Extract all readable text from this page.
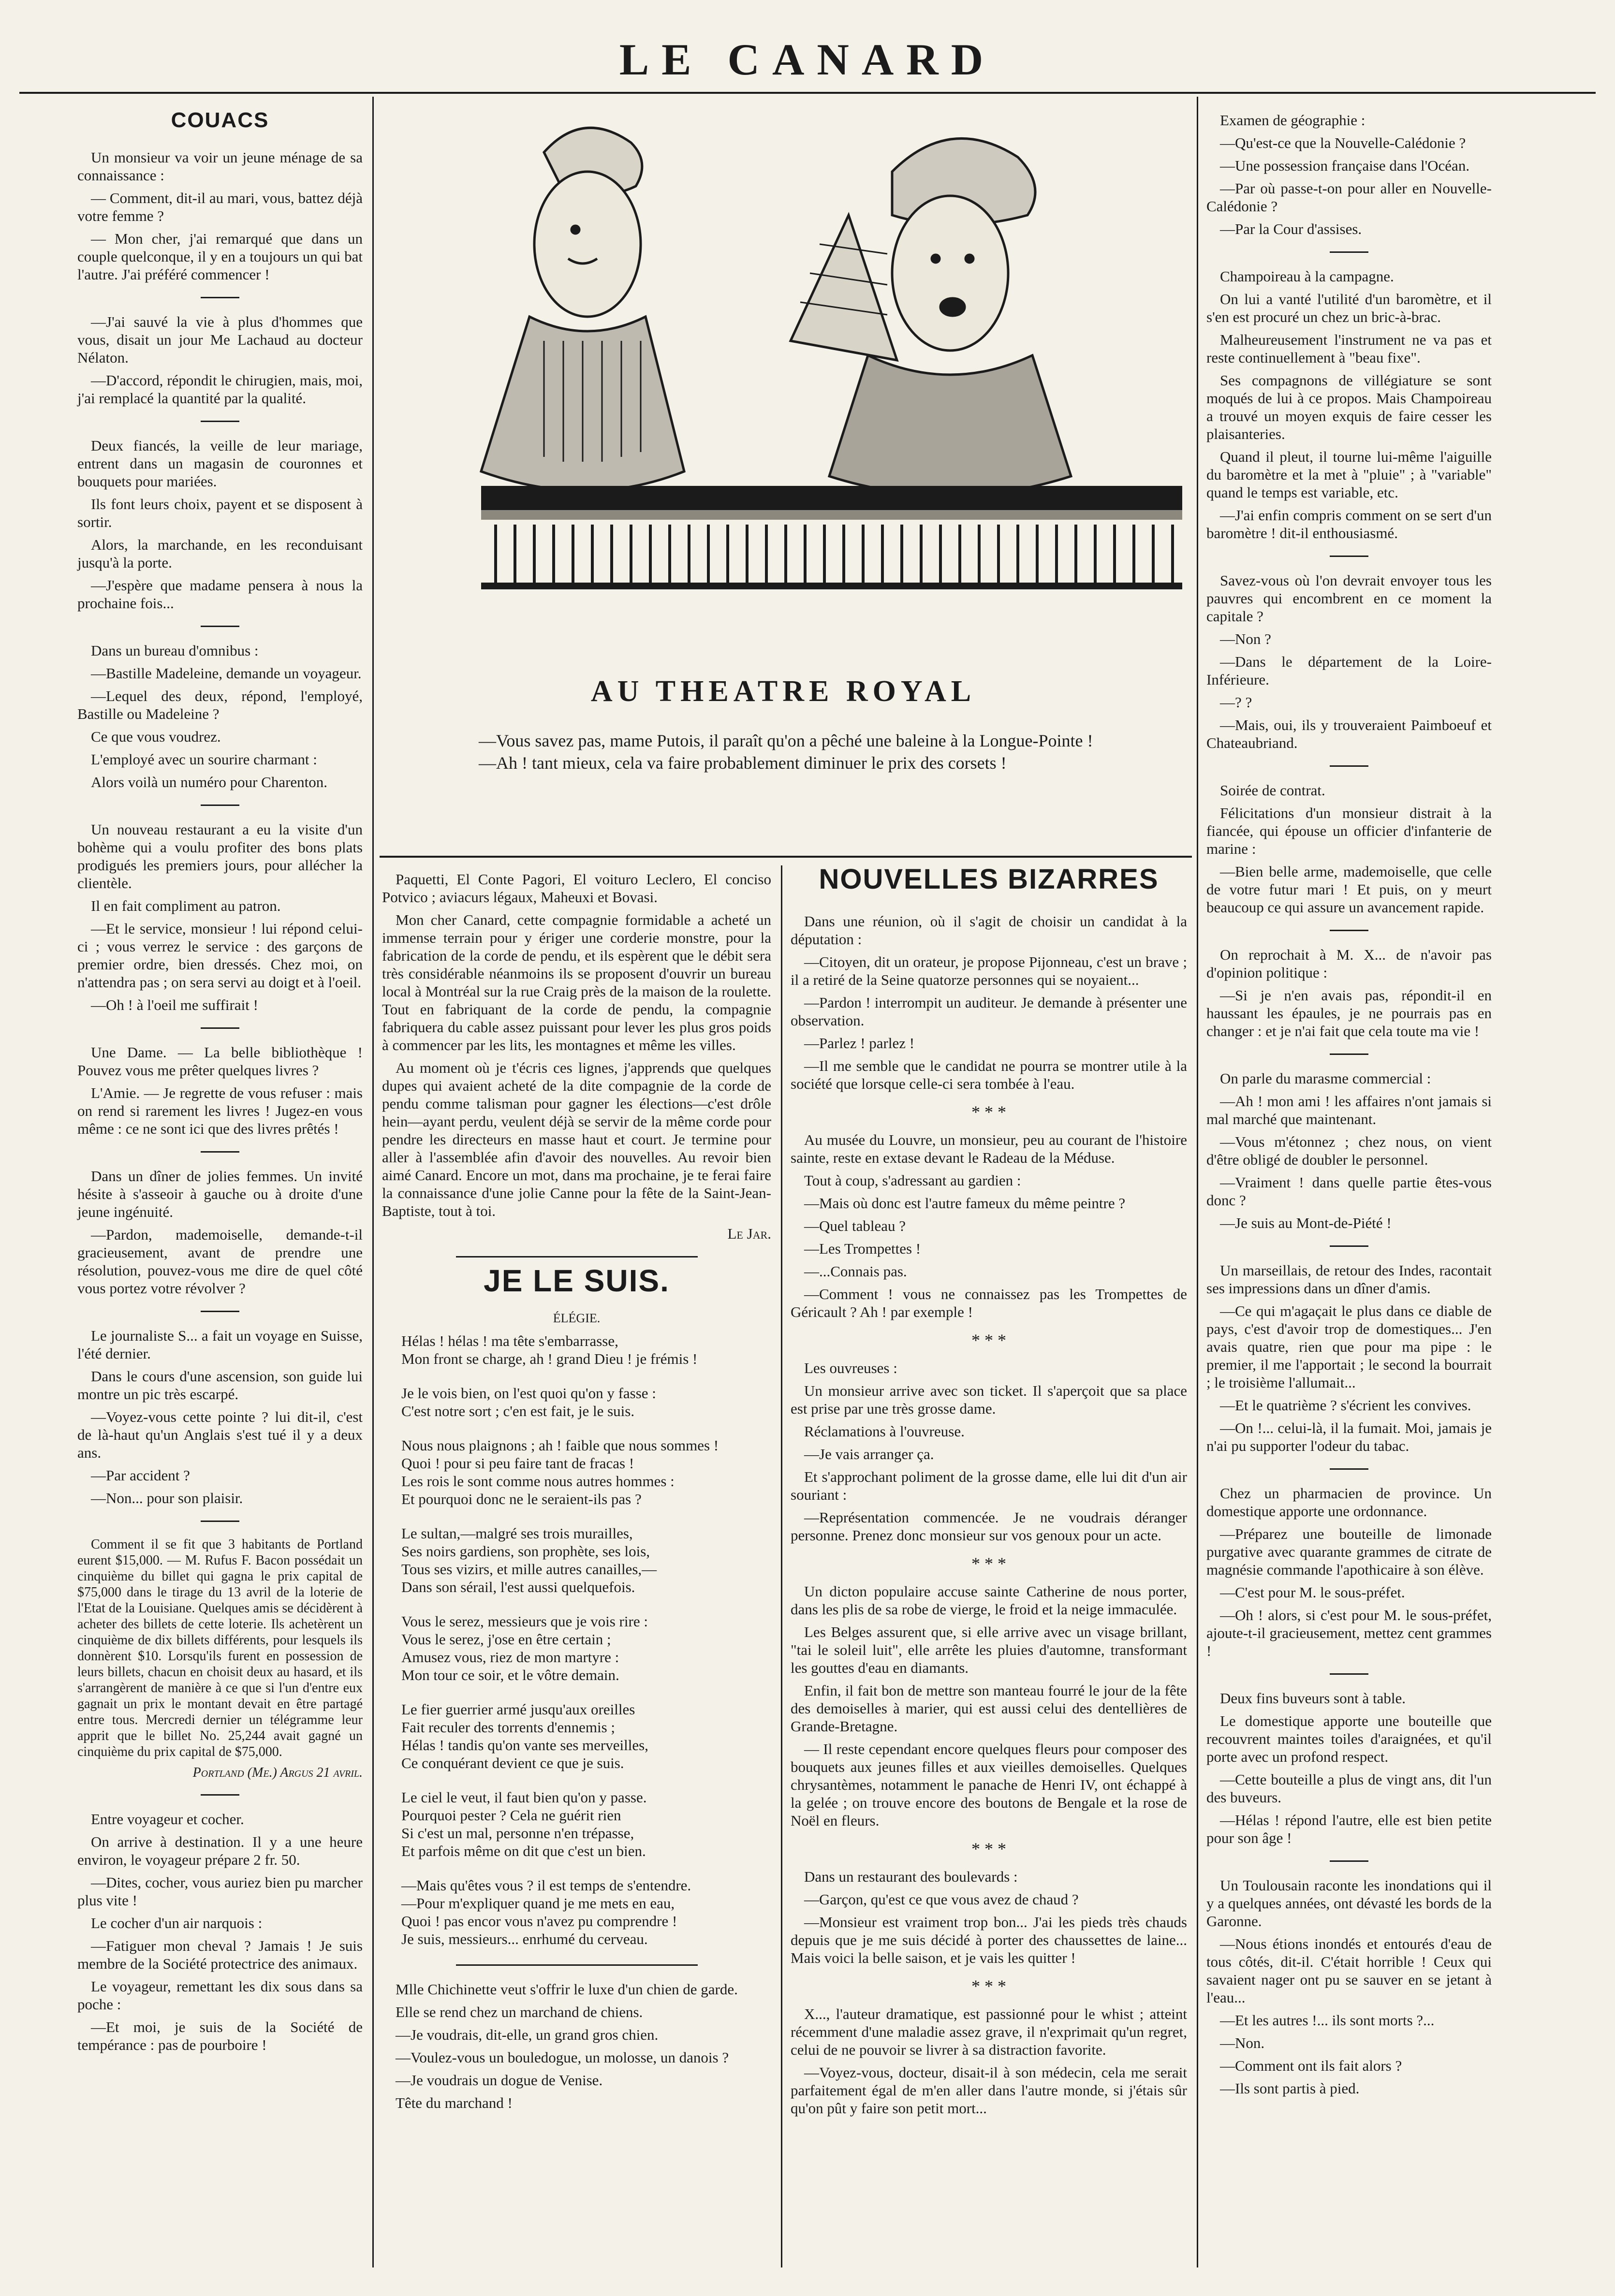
LE CANARD
COUACS

Un monsieur va voir un jeune ménage de sa connaissance :

— Comment, dit-il au mari, vous, battez déjà votre femme ?

— Mon cher, j'ai remarqué que dans un couple quelconque, il y en a toujours un qui bat l'autre. J'ai préféré commencer !

—J'ai sauvé la vie à plus d'hommes que vous, disait un jour Me Lachaud au docteur Nélaton.

—D'accord, répondit le chirugien, mais, moi, j'ai remplacé la quantité par la qualité.

Deux fiancés, la veille de leur mariage, entrent dans un magasin de couronnes et bouquets pour mariées.

Ils font leurs choix, payent et se disposent à sortir.

Alors, la marchande, en les reconduisant jusqu'à la porte.

—J'espère que madame pensera à nous la prochaine fois...

Dans un bureau d'omnibus :

—Bastille Madeleine, demande un voyageur.

—Lequel des deux, répond, l'employé, Bastille ou Madeleine ?

Ce que vous voudrez.

L'employé avec un sourire charmant :

Alors voilà un numéro pour Charenton.

Un nouveau restaurant a eu la visite d'un bohème qui a voulu profiter des bons plats prodigués les premiers jours, pour allécher la clientèle.

Il en fait compliment au patron.

—Et le service, monsieur ! lui répond celui-ci ; vous verrez le service : des garçons de premier ordre, bien dressés. Chez moi, on n'attendra pas ; on sera servi au doigt et à l'oeil.

—Oh ! à l'oeil me suffirait !

Une Dame. — La belle bibliothèque ! Pouvez vous me prêter quelques livres ?

L'Amie. — Je regrette de vous refuser : mais on rend si rarement les livres ! Jugez-en vous même : ce ne sont ici que des livres prêtés !

Dans un dîner de jolies femmes. Un invité hésite à s'asseoir à gauche ou à droite d'une jeune ingénuité.

—Pardon, mademoiselle, demande-t-il gracieusement, avant de prendre une résolution, pouvez-vous me dire de quel côté vous portez votre révolver ?

Le journaliste S... a fait un voyage en Suisse, l'été dernier.

Dans le cours d'une ascension, son guide lui montre un pic très escarpé.

—Voyez-vous cette pointe ? lui dit-il, c'est de là-haut qu'un Anglais s'est tué il y a deux ans.

—Par accident ?

—Non... pour son plaisir.

Comment il se fit que 3 habitants de Portland eurent $15,000. — M. Rufus F. Bacon possédait un cinquième du billet qui gagna le prix capital de $75,000 dans le tirage du 13 avril de la loterie de l'Etat de la Louisiane. Quelques amis se décidèrent à acheter des billets de cette loterie. Ils achetèrent un cinquième de dix billets différents, pour lesquels ils donnèrent $10. Lorsqu'ils furent en possession de leurs billets, chacun en choisit deux au hasard, et ils s'arrangèrent de manière à ce que si l'un d'entre eux gagnait un prix le montant devait en être partagé entre tous. Mercredi dernier un télégramme leur apprit que le billet No. 25,244 avait gagné un cinquième du prix capital de $75,000.

Portland (Me.) Argus 21 avril.

Entre voyageur et cocher.

On arrive à destination. Il y a une heure environ, le voyageur prépare 2 fr. 50.

—Dites, cocher, vous auriez bien pu marcher plus vite !

Le cocher d'un air narquois :

—Fatiguer mon cheval ? Jamais ! Je suis membre de la Société protectrice des animaux.

Le voyageur, remettant les dix sous dans sa poche :

—Et moi, je suis de la Société de tempérance : pas de pourboire !

AU THEATRE ROYAL

—Vous savez pas, mame Putois, il paraît qu'on a pêché une baleine à la Longue-Pointe !

—Ah ! tant mieux, cela va faire probablement diminuer le prix des corsets !

Paquetti, El Conte Pagori, El voituro Leclero, El conciso Potvico ; aviacurs légaux, Maheuxi et Bovasi.

Mon cher Canard, cette compagnie formidable a acheté un immense terrain pour y ériger une corderie monstre, pour la fabrication de la corde de pendu, et ils espèrent que le débit sera très considérable néanmoins ils se proposent d'ouvrir un bureau local à Montréal sur la rue Craig près de la maison de la roulette. Tout en fabriquant de la corde de pendu, la compagnie fabriquera du cable assez puissant pour lever les plus gros poids à commencer par les lits, les montagnes et même les villes.

Au moment où je t'écris ces lignes, j'apprends que quelques dupes qui avaient acheté de la dite compagnie de la corde de pendu comme talisman pour gagner les élections—c'est drôle hein—ayant perdu, veulent déjà se servir de la même corde pour pendre les directeurs en masse haut et court. Je termine pour aller à l'assemblée afin d'avoir des nouvelles. Au revoir bien aimé Canard. Encore un mot, dans ma prochaine, je te ferai faire la connaissance d'une jolie Canne pour la fête de la Saint-Jean-Baptiste, tout à toi.

Le Jar.

JE LE SUIS.

ÉLÉGIE.

Hélas ! hélas ! ma tête s'embarrasse,

Mon front se charge, ah ! grand Dieu ! je frémis !

Je le vois bien, on l'est quoi qu'on y fasse :

C'est notre sort ; c'en est fait, je le suis.

Nous nous plaignons ; ah ! faible que nous sommes !

Quoi ! pour si peu faire tant de fracas !

Les rois le sont comme nous autres hommes :

Et pourquoi donc ne le seraient-ils pas ?

Le sultan,—malgré ses trois murailles,

Ses noirs gardiens, son prophète, ses lois,

Tous ses vizirs, et mille autres canailles,—

Dans son sérail, l'est aussi quelquefois.

Vous le serez, messieurs que je vois rire :

Vous le serez, j'ose en être certain ;

Amusez vous, riez de mon martyre :

Mon tour ce soir, et le vôtre demain.

Le fier guerrier armé jusqu'aux oreilles

Fait reculer des torrents d'ennemis ;

Hélas ! tandis qu'on vante ses merveilles,

Ce conquérant devient ce que je suis.

Le ciel le veut, il faut bien qu'on y passe.

Pourquoi pester ? Cela ne guérit rien

Si c'est un mal, personne n'en trépasse,

Et parfois même on dit que c'est un bien.

—Mais qu'êtes vous ? il est temps de s'entendre.

—Pour m'expliquer quand je me mets en eau,

Quoi ! pas encor vous n'avez pu comprendre !

Je suis, messieurs... enrhumé du cerveau.

Mlle Chichinette veut s'offrir le luxe d'un chien de garde.

Elle se rend chez un marchand de chiens.

—Je voudrais, dit-elle, un grand gros chien.

—Voulez-vous un bouledogue, un molosse, un danois ?

—Je voudrais un dogue de Venise.

Tête du marchand !

NOUVELLES BIZARRES

Dans une réunion, où il s'agit de choisir un candidat à la députation :

—Citoyen, dit un orateur, je propose Pijonneau, c'est un brave ; il a retiré de la Seine quatorze personnes qui se noyaient...

—Pardon ! interrompit un auditeur. Je demande à présenter une observation.

—Parlez ! parlez !

—Il me semble que le candidat ne pourra se montrer utile à la société que lorsque celle-ci sera tombée à l'eau.

* * *

Au musée du Louvre, un monsieur, peu au courant de l'histoire sainte, reste en extase devant le Radeau de la Méduse.

Tout à coup, s'adressant au gardien :

—Mais où donc est l'autre fameux du même peintre ?

—Quel tableau ?

—Les Trompettes !

—...Connais pas.

—Comment ! vous ne connaissez pas les Trompettes de Géricault ? Ah ! par exemple !

* * *

Les ouvreuses :

Un monsieur arrive avec son ticket. Il s'aperçoit que sa place est prise par une très grosse dame.

Réclamations à l'ouvreuse.

—Je vais arranger ça.

Et s'approchant poliment de la grosse dame, elle lui dit d'un air souriant :

—Représentation commencée. Je ne voudrais déranger personne. Prenez donc monsieur sur vos genoux pour un acte.

* * *

Un dicton populaire accuse sainte Catherine de nous porter, dans les plis de sa robe de vierge, le froid et la neige immaculée.

Les Belges assurent que, si elle arrive avec un visage brillant, "tai le soleil luit", elle arrête les pluies d'automne, transformant les gouttes d'eau en diamants.

Enfin, il fait bon de mettre son manteau fourré le jour de la fête des demoiselles à marier, qui est aussi celui des dentellières de Grande-Bretagne.

— Il reste cependant encore quelques fleurs pour composer des bouquets aux jeunes filles et aux vieilles demoiselles. Quelques chrysantèmes, notamment le panache de Henri IV, ont échappé à la gelée ; on trouve encore des boutons de Bengale et la rose de Noël en fleurs.

* * *

Dans un restaurant des boulevards :

—Garçon, qu'est ce que vous avez de chaud ?

—Monsieur est vraiment trop bon... J'ai les pieds très chauds depuis que je me suis décidé à porter des chaussettes de laine... Mais voici la belle saison, et je vais les quitter !

* * *

X..., l'auteur dramatique, est passionné pour le whist ; atteint récemment d'une maladie assez grave, il n'exprimait qu'un regret, celui de ne pouvoir se livrer à sa distraction favorite.

—Voyez-vous, docteur, disait-il à son médecin, cela me serait parfaitement égal de m'en aller dans l'autre monde, si j'étais sûr qu'on pût y faire son petit mort...

Examen de géographie :

—Qu'est-ce que la Nouvelle-Calédonie ?

—Une possession française dans l'Océan.

—Par où passe-t-on pour aller en Nouvelle-Calédonie ?

—Par la Cour d'assises.

Champoireau à la campagne.

On lui a vanté l'utilité d'un baromètre, et il s'en est procuré un chez un bric-à-brac.

Malheureusement l'instrument ne va pas et reste continuellement à "beau fixe".

Ses compagnons de villégiature se sont moqués de lui à ce propos. Mais Champoireau a trouvé un moyen exquis de faire cesser les plaisanteries.

Quand il pleut, il tourne lui-même l'aiguille du baromètre et la met à "pluie" ; à "variable" quand le temps est variable, etc.

—J'ai enfin compris comment on se sert d'un baromètre ! dit-il enthousiasmé.

Savez-vous où l'on devrait envoyer tous les pauvres qui encombrent en ce moment la capitale ?

—Non ?

—Dans le département de la Loire-Inférieure.

—? ?

—Mais, oui, ils y trouveraient Paimboeuf et Chateaubriand.

Soirée de contrat.

Félicitations d'un monsieur distrait à la fiancée, qui épouse un officier d'infanterie de marine :

—Bien belle arme, mademoiselle, que celle de votre futur mari ! Et puis, on y meurt beaucoup ce qui assure un avancement rapide.

On reprochait à M. X... de n'avoir pas d'opinion politique :

—Si je n'en avais pas, répondit-il en haussant les épaules, je ne pourrais pas en changer : et je n'ai fait que cela toute ma vie !

On parle du marasme commercial :

—Ah ! mon ami ! les affaires n'ont jamais si mal marché que maintenant.

—Vous m'étonnez ; chez nous, on vient d'être obligé de doubler le personnel.

—Vraiment ! dans quelle partie êtes-vous donc ?

—Je suis au Mont-de-Piété !

Un marseillais, de retour des Indes, racontait ses impressions dans un dîner d'amis.

—Ce qui m'agaçait le plus dans ce diable de pays, c'est d'avoir trop de domestiques... J'en avais quatre, rien que pour ma pipe : le premier, il me l'apportait ; le second la bourrait ; le troisième l'allumait...

—Et le quatrième ? s'écrient les convives.

—On !... celui-là, il la fumait. Moi, jamais je n'ai pu supporter l'odeur du tabac.

Chez un pharmacien de province. Un domestique apporte une ordonnance.

—Préparez une bouteille de limonade purgative avec quarante grammes de citrate de magnésie commande l'apothicaire à son élève.

—C'est pour M. le sous-préfet.

—Oh ! alors, si c'est pour M. le sous-préfet, ajoute-t-il gracieusement, mettez cent grammes !

Deux fins buveurs sont à table.

Le domestique apporte une bouteille que recouvrent maintes toiles d'araignées, et qu'il porte avec un profond respect.

—Cette bouteille a plus de vingt ans, dit l'un des buveurs.

—Hélas ! répond l'autre, elle est bien petite pour son âge !

Un Toulousain raconte les inondations qui il y a quelques années, ont dévasté les bords de la Garonne.

—Nous étions inondés et entourés d'eau de tous côtés, dit-il. C'était horrible ! Ceux qui savaient nager ont pu se sauver en se jetant à l'eau...

—Et les autres !... ils sont morts ?...

—Non.

—Comment ont ils fait alors ?

—Ils sont partis à pied.
